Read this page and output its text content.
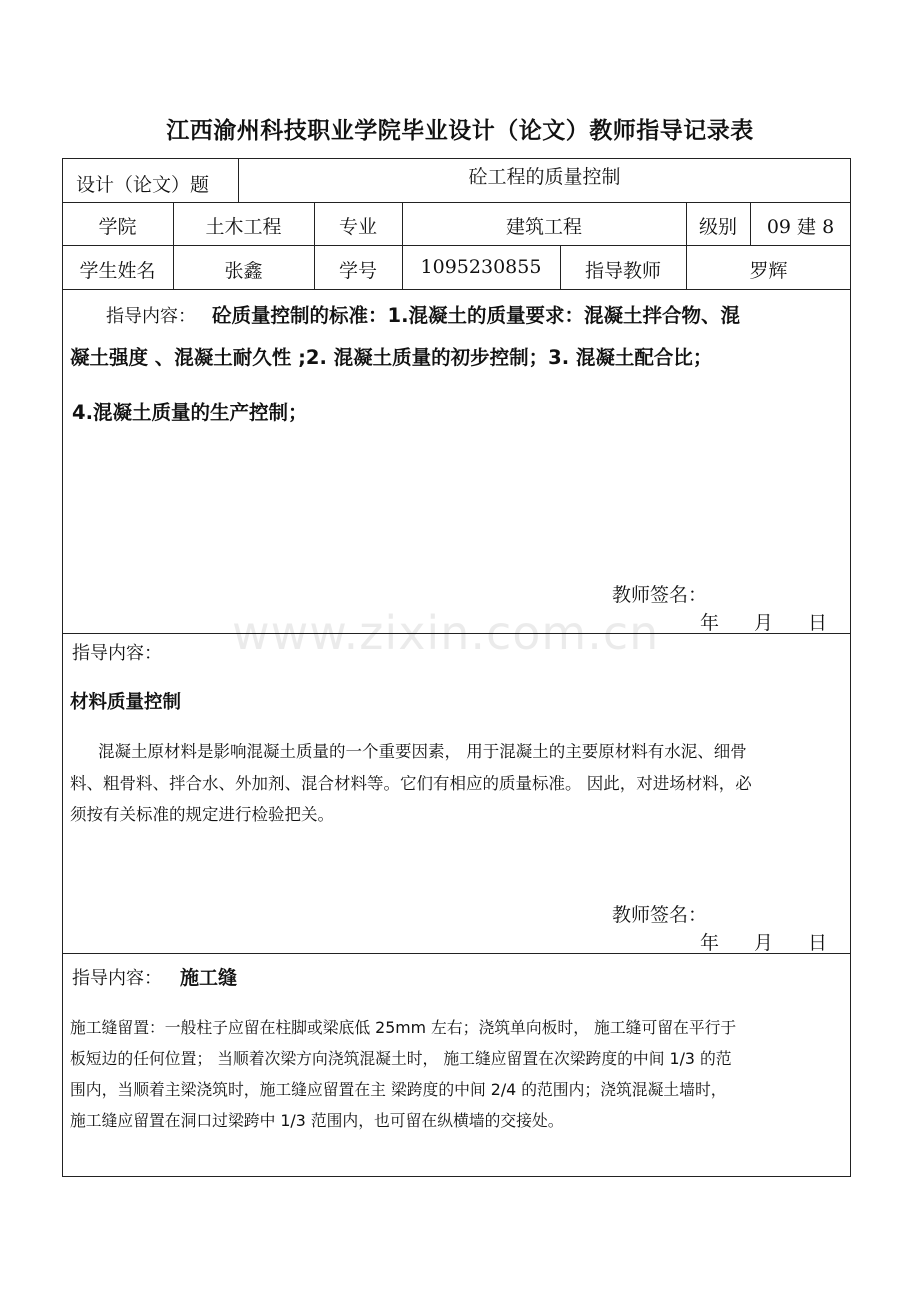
江西渝州科技职业学院毕业设计（论文）教师指导记录表
设计（论文）题	砼工程的质量控制
学院	土木工程	专业	建筑工程	级别	09 建 8
学生姓名	张鑫	学号	1095230855	指导教师	罗辉
指导内容： 砼质量控制的标准：1.混凝土的质量要求：混凝土拌合物、混
凝土强度 、混凝土耐久性 ;2. 混凝土质量的初步控制；3. 混凝土配合比；
4.混凝土质量的生产控制；
教师签名：
年 月 日
www.zixin.com.cn
指导内容：
材料质量控制
混凝土原材料是影响混凝土质量的一个重要因素， 用于混凝土的主要原材料有水泥、细骨
料、粗骨料、拌合水、外加剂、混合材料等。它们有相应的质量标准。 因此，对进场材料，必
须按有关标准的规定进行检验把关。
教师签名：
年 月 日
指导内容： 施工缝
施工缝留置：一般柱子应留在柱脚或梁底低 25mm 左右；浇筑单向板时， 施工缝可留在平行于
板短边的任何位置； 当顺着次梁方向浇筑混凝土时， 施工缝应留置在次梁跨度的中间 1/3 的范
围内，当顺着主梁浇筑时，施工缝应留置在主 梁跨度的中间 2/4 的范围内；浇筑混凝土墙时，
施工缝应留置在洞口过梁跨中 1/3 范围内，也可留在纵横墙的交接处。
